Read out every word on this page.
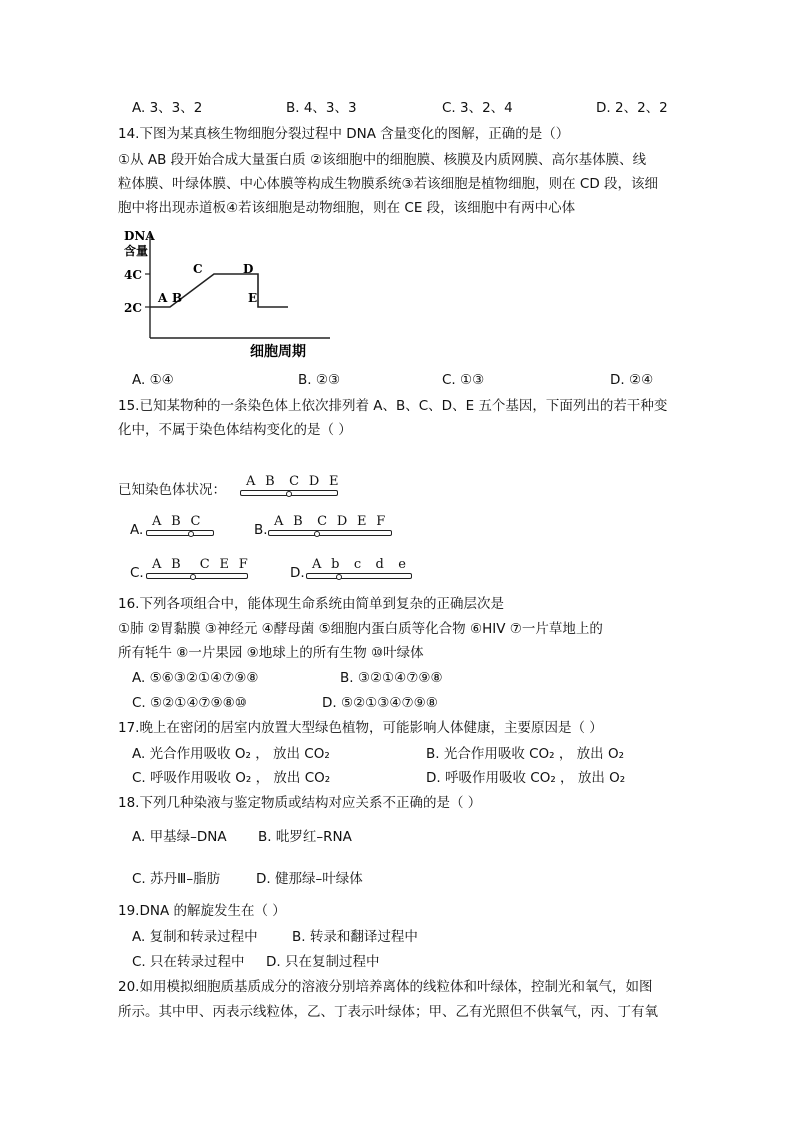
A. 3、3、2	B. 4、3、3	C. 3、2、4	D. 2、2、2
14.下图为某真核生物细胞分裂过程中 DNA 含量变化的图解，正确的是（）
①从 AB 段开始合成大量蛋白质 ②该细胞中的细胞膜、核膜及内质网膜、高尔基体膜、线
粒体膜、叶绿体膜、中心体膜等构成生物膜系统③若该细胞是植物细胞，则在 CD 段，该细
胞中将出现赤道板④若该细胞是动物细胞，则在 CE 段，该细胞中有两中心体
DNA
含量
4C
2C
A B
C	D
E
细胞周期
A. ①④	B. ②③	C. ①③	D. ②④
15.已知某物种的一条染色体上依次排列着 A、B、C、D、E 五个基因，下面列出的若干种变
化中，不属于染色体结构变化的是（ ）
已知染色体状况：
A  B   C  D  E
A.
A  B  C
B.
A  B   C  D  E  F
C.
A  B    C  E  F
D.
A  b   c   d   e
16.下列各项组合中，能体现生命系统由简单到复杂的正确层次是
①肺 ②胃黏膜 ③神经元 ④酵母菌 ⑤细胞内蛋白质等化合物 ⑥HIV ⑦一片草地上的
所有牦牛 ⑧一片果园 ⑨地球上的所有生物 ⑩叶绿体
A. ⑤⑥③②①④⑦⑨⑧	B. ③②①④⑦⑨⑧
C. ⑤②①④⑦⑨⑧⑩	D. ⑤②①③④⑦⑨⑧
17.晚上在密闭的居室内放置大型绿色植物，可能影响人体健康，主要原因是（ ）
A. 光合作用吸收 O₂ ， 放出 CO₂	B. 光合作用吸收 CO₂ ， 放出 O₂
C. 呼吸作用吸收 O₂ ， 放出 CO₂	D. 呼吸作用吸收 CO₂ ， 放出 O₂
18.下列几种染液与鉴定物质或结构对应关系不正确的是（ ）
A. 甲基绿–DNA B. 吡罗红–RNA
C. 苏丹Ⅲ–脂肪	D. 健那绿–叶绿体
19.DNA 的解旋发生在（ ）
A. 复制和转录过程中	B. 转录和翻译过程中
C. 只在转录过程中 D. 只在复制过程中
20.如用模拟细胞质基质成分的溶液分别培养离体的线粒体和叶绿体，控制光和氧气，如图
所示。其中甲、丙表示线粒体，乙、丁表示叶绿体；甲、乙有光照但不供氧气，丙、丁有氧
